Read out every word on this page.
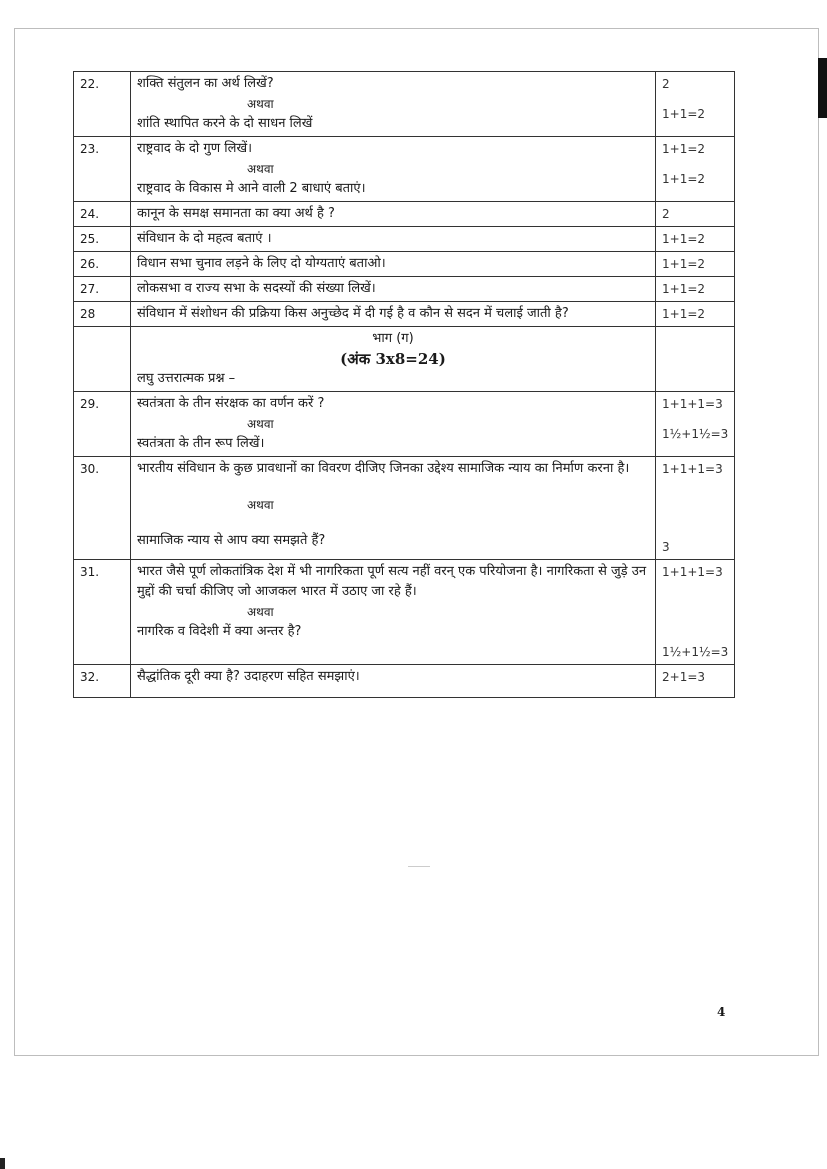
22.	शक्ति संतुलन का अर्थ लिखें?
अथवा
शांति स्थापित करने के दो साधन लिखें	2
1+1=2

23.	राष्ट्रवाद के दो गुण लिखें।
अथवा
राष्ट्रवाद के विकास मे आने वाली 2 बाधाएं बताएं।	1+1=2
1+1=2

24.	कानून के समक्ष समानता का क्या अर्थ है ?	2
25.	संविधान के दो महत्व बताएं ।	1+1=2
26.	विधान सभा चुनाव लड़ने के लिए दो योग्यताएं बताओ।	1+1=2
27.	लोकसभा व राज्य सभा के सदस्यों की संख्या लिखें।	1+1=2
28	संविधान में संशोधन की प्रक्रिया किस अनुच्छेद में दी गई है व कौन से सदन में चलाई जाती है?	1+1=2

	भाग (ग)
(अंक 3x8=24)
लघु उत्तरात्मक प्रश्न –	

29.	स्वतंत्रता के तीन संरक्षक का वर्णन करें ?
अथवा
स्वतंत्रता के तीन रूप लिखें।	1+1+1=3
1½+1½=3

30.	भारतीय संविधान के कुछ प्रावधानों का विवरण दीजिए जिनका उद्देश्य सामाजिक न्याय का निर्माण करना है।
अथवा
सामाजिक न्याय से आप क्या समझते हैं?	1+1+1=3
3

31.	भारत जैसे पूर्ण लोकतांत्रिक देश में भी नागरिकता पूर्ण सत्य नहीं वरन् एक परियोजना है। नागरिकता से जुड़े उन मुद्दों की चर्चा कीजिए जो आजकल भारत में उठाए जा रहे हैं।
अथवा
नागरिक व विदेशी में क्या अन्तर है?	1+1+1=3
1½+1½=3

32.	सैद्धांतिक दूरी क्या है? उदाहरण सहित समझाएं।	2+1=3
4
